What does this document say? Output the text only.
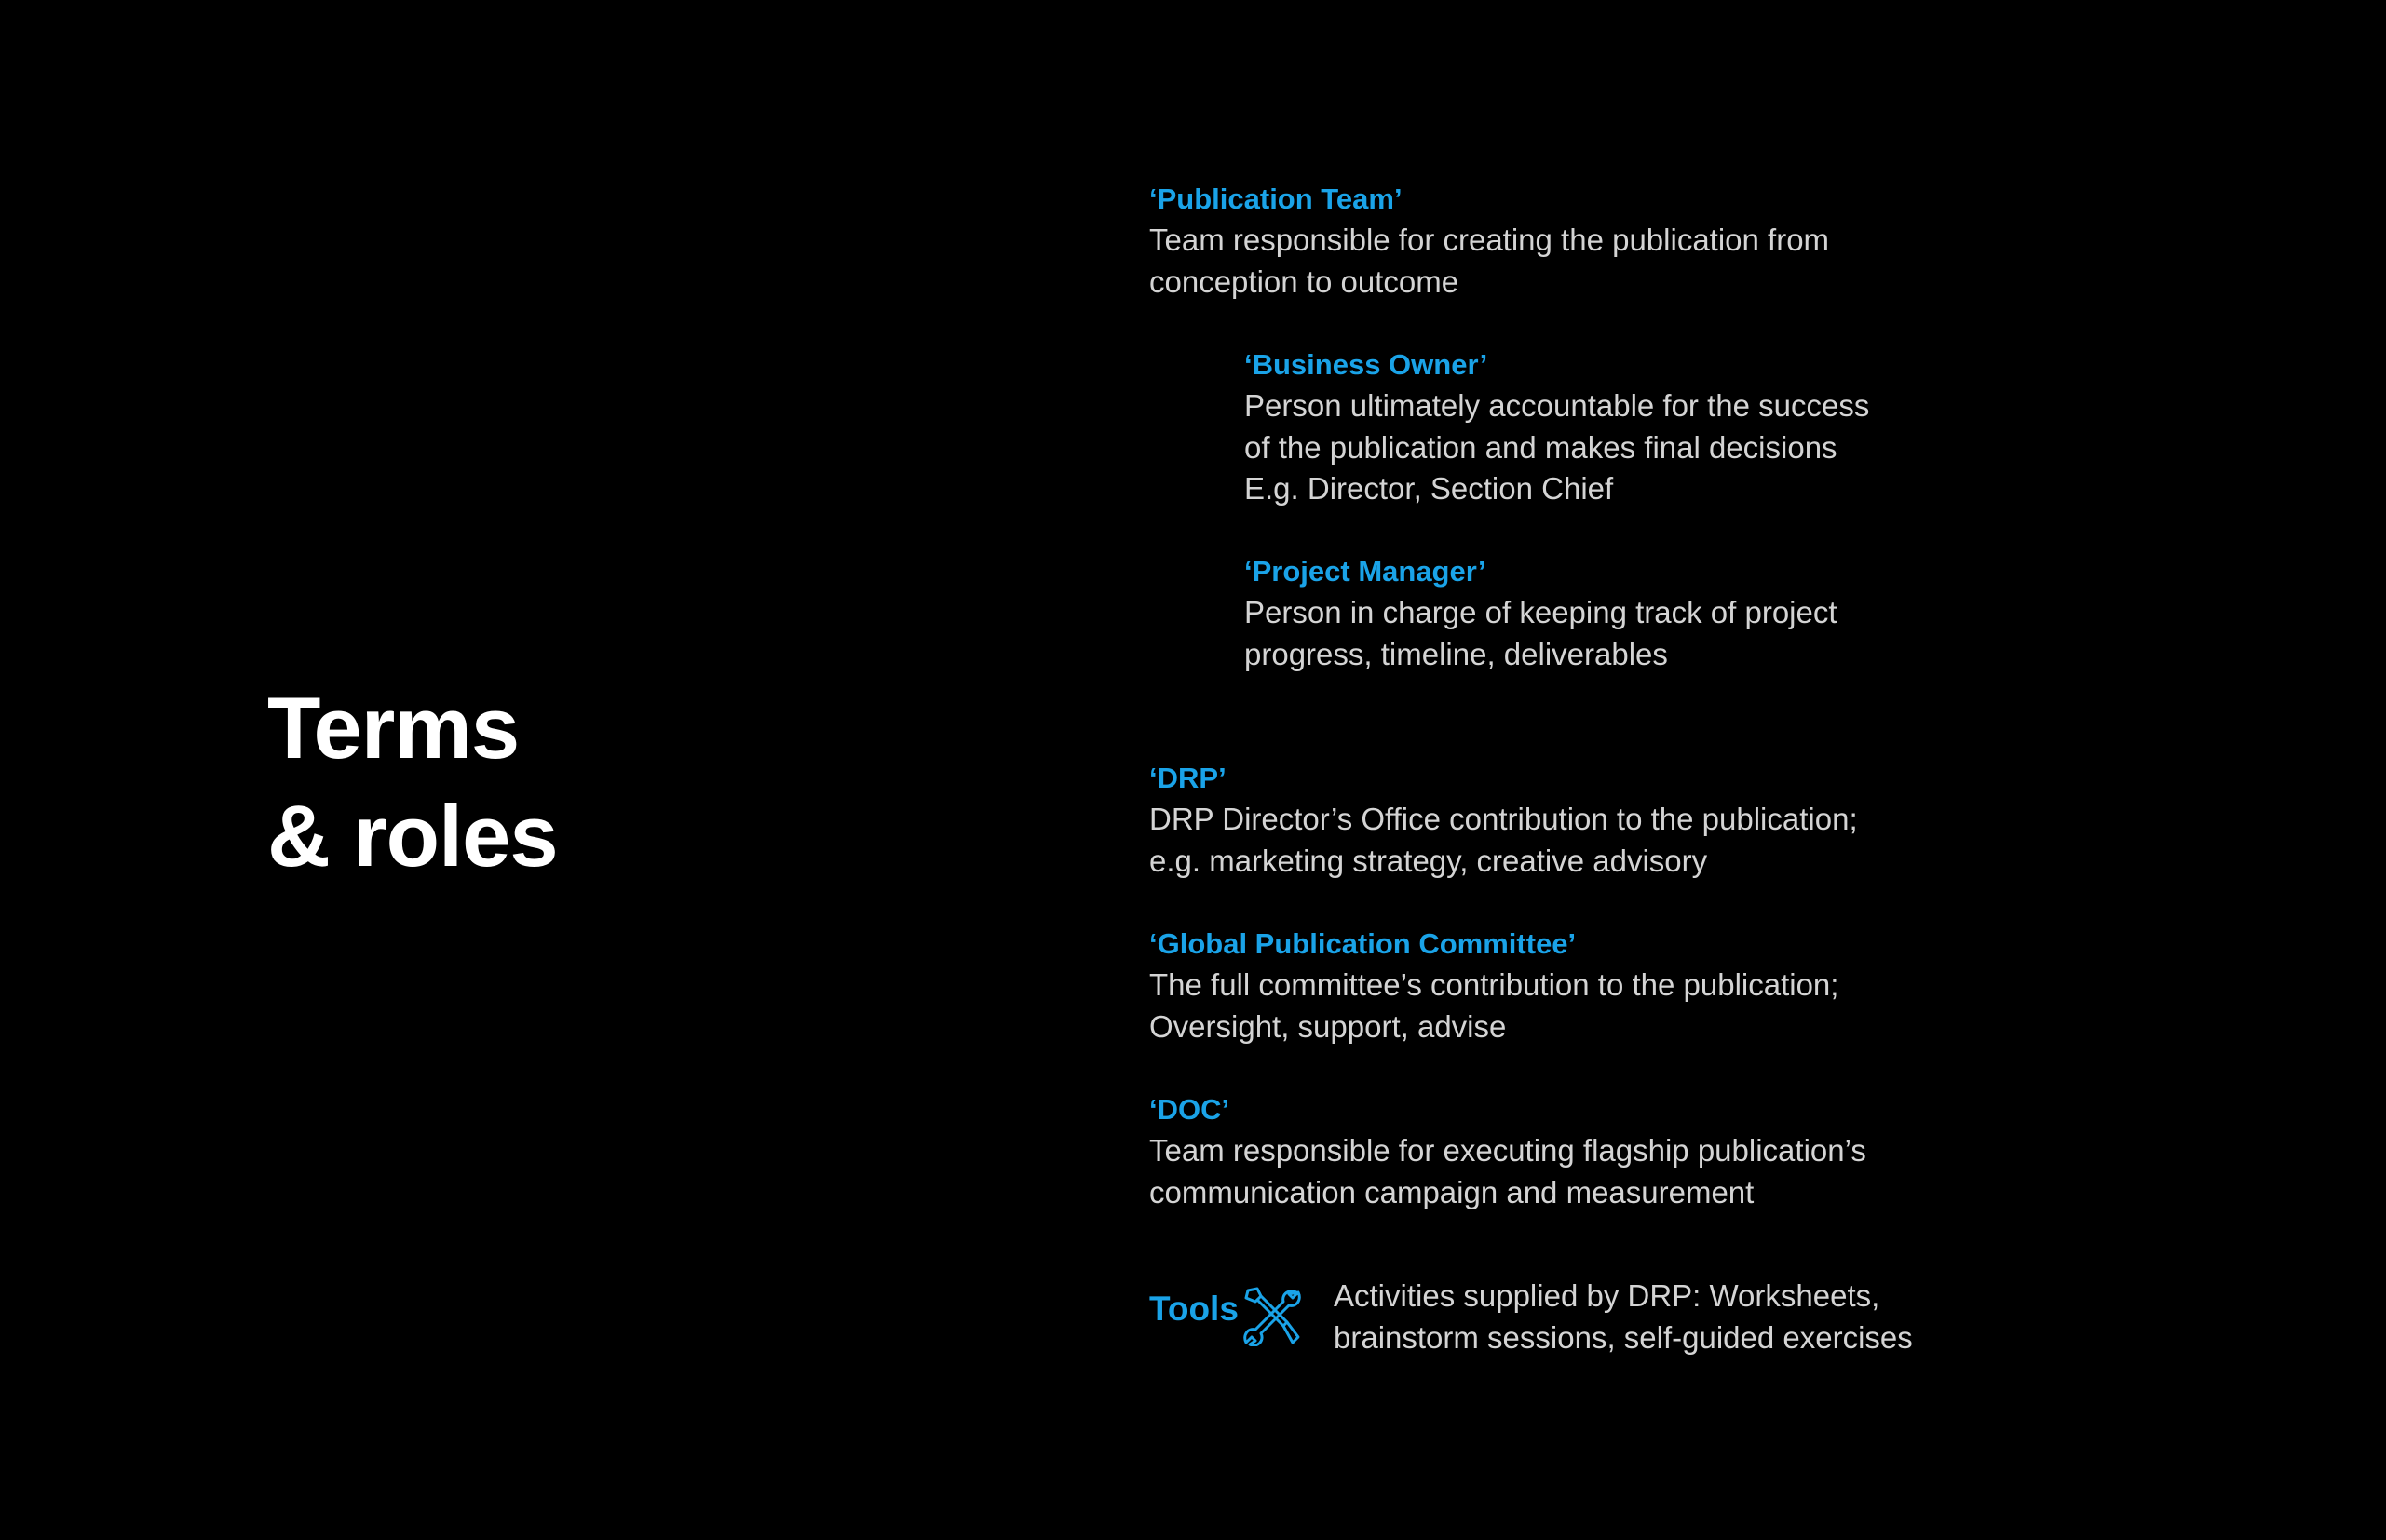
Terms
& roles
‘Publication Team’
Team responsible for creating the publication from
conception to outcome
‘Business Owner’
Person ultimately accountable for the success
of the publication and makes final decisions
E.g. Director, Section Chief
‘Project Manager’
Person in charge of keeping track of project
progress, timeline, deliverables
‘DRP’
DRP Director’s Office contribution to the publication;
e.g. marketing strategy, creative advisory
‘Global Publication Committee’
The full committee’s contribution to the publication;
Oversight, support, advise
‘DOC’
Team responsible for executing flagship publication’s
communication campaign and measurement
Tools	Activities supplied by DRP: Worksheets,
brainstorm sessions, self-guided exercises
